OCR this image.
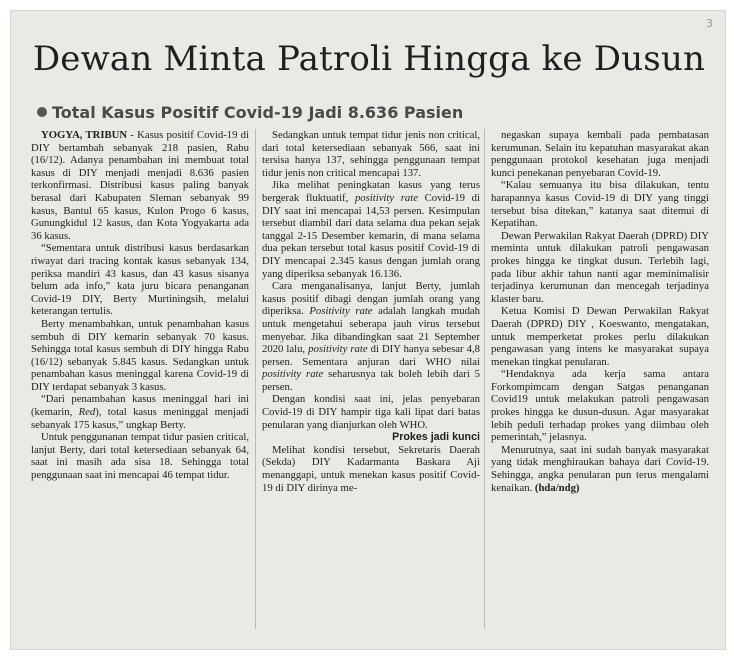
3
Dewan Minta Patroli Hingga ke Dusun
Total Kasus Positif Covid-19 Jadi 8.636 Pasien

YOGYA, TRIBUN - Kasus positif Covid-19 di DIY bertambah sebanyak 218 pasien, Rabu (16/12). Adanya penambahan ini membuat total kasus di DIY menjadi menjadi 8.636 pasien terkonfirmasi. Distribusi kasus paling banyak berasal dari Kabupaten Sleman sebanyak 99 kasus, Bantul 65 kasus, Kulon Progo 6 kasus, Gunungkidul 12 kasus, dan Kota Yogyakarta ada 36 kasus.

“Sementara untuk distribusi kasus berdasarkan riwayat dari tracing kontak kasus sebanyak 134, periksa mandiri 43 kasus, dan 43 kasus sisanya belum ada info,” kata juru bicara penanganan Covid-19 DIY, Berty Murtiningsih, melalui keterangan tertulis.

Berty menambahkan, untuk penambahan kasus sembuh di DIY kemarin sebanyak 70 kasus. Sehingga total kasus sembuh di DIY hingga Rabu (16/12) sebanyak 5.845 kasus. Sedangkan untuk penambahan kasus meninggal karena Covid-19 di DIY terdapat sebanyak 3 kasus.

“Dari penambahan kasus meninggal hari ini (kemarin, Red), total kasus meninggal menjadi sebanyak 175 kasus,” ungkap Berty.

Untuk penggunanan tempat tidur pasien critical, lanjut Berty, dari total ketersediaan sebanyak 64, saat ini masih ada sisa 18. Sehingga total penggunaan saat ini mencapai 46 tempat tidur.

Sedangkan untuk tempat tidur jenis non critical, dari total ketersediaan sebanyak 566, saat ini tersisa hanya 137, sehingga penggunaan tempat tidur jenis non critical mencapai 137.

Jika melihat peningkatan kasus yang terus bergerak fluktuatif, positivity rate Covid-19 di DIY saat ini mencapai 14,53 persen. Kesimpulan tersebut diambil dari data selama dua pekan sejak tanggal 2-15 Desember kemarin, di mana selama dua pekan tersebut total kasus positif Covid-19 di DIY mencapai 2.345 kasus dengan jumlah orang yang diperiksa sebanyak 16.136.

Cara menganalisanya, lanjut Berty, jumlah kasus positif dibagi dengan jumlah orang yang diperiksa. Positivity rate adalah langkah mudah untuk mengetahui seberapa jauh virus tersebut menyebar. Jika dibandingkan saat 21 September 2020 lalu, positivity rate di DIY hanya sebesar 4,8 persen. Sementara anjuran dari WHO nilai positivity rate seharusnya tak boleh lebih dari 5 persen.

Dengan kondisi saat ini, jelas penyebaran Covid-19 di DIY hampir tiga kali lipat dari batas penularan yang dianjurkan oleh WHO.

Prokes jadi kunci

Melihat kondisi tersebut, Sekretaris Daerah (Sekda) DIY Kadarmanta Baskara Aji menanggapi, untuk menekan kasus positif Covid-19 di DIY dirinya me-

negaskan supaya kembali pada pembatasan kerumunan. Selain itu kepatuhan masyarakat akan penggunaan protokol kesehatan juga menjadi kunci penekanan penyebaran Covid-19.

“Kalau semuanya itu bisa dilakukan, tentu harapannya kasus Covid-19 di DIY yang tinggi tersebut bisa ditekan,” katanya saat ditemui di Kepatihan.

Dewan Perwakilan Rakyat Daerah (DPRD) DIY meminta untuk dilakukan patroli pengawasan prokes hingga ke tingkat dusun. Terlebih lagi, pada libur akhir tahun nanti agar meminimalisir terjadinya kerumunan dan mencegah terjadinya klaster baru.

Ketua Komisi D Dewan Perwakilan Rakyat Daerah (DPRD) DIY , Koeswanto, mengatakan, untuk memperketat prokes perlu dilakukan pengawasan yang intens ke masyarakat supaya menekan tingkat penularan.

“Hendaknya ada kerja sama antara Forkompimcam dengan Satgas penanganan Covid19 untuk melakukan patroli pengawasan prokes hingga ke dusun-dusun. Agar masyarakat lebih peduli terhadap prokes yang diimbau oleh pemerintah,” jelasnya.

Menurutnya, saat ini sudah banyak masyarakat yang tidak menghiraukan bahaya dari Covid-19. Sehingga, angka penularan pun terus mengalami kenaikan. (hda/ndg)
